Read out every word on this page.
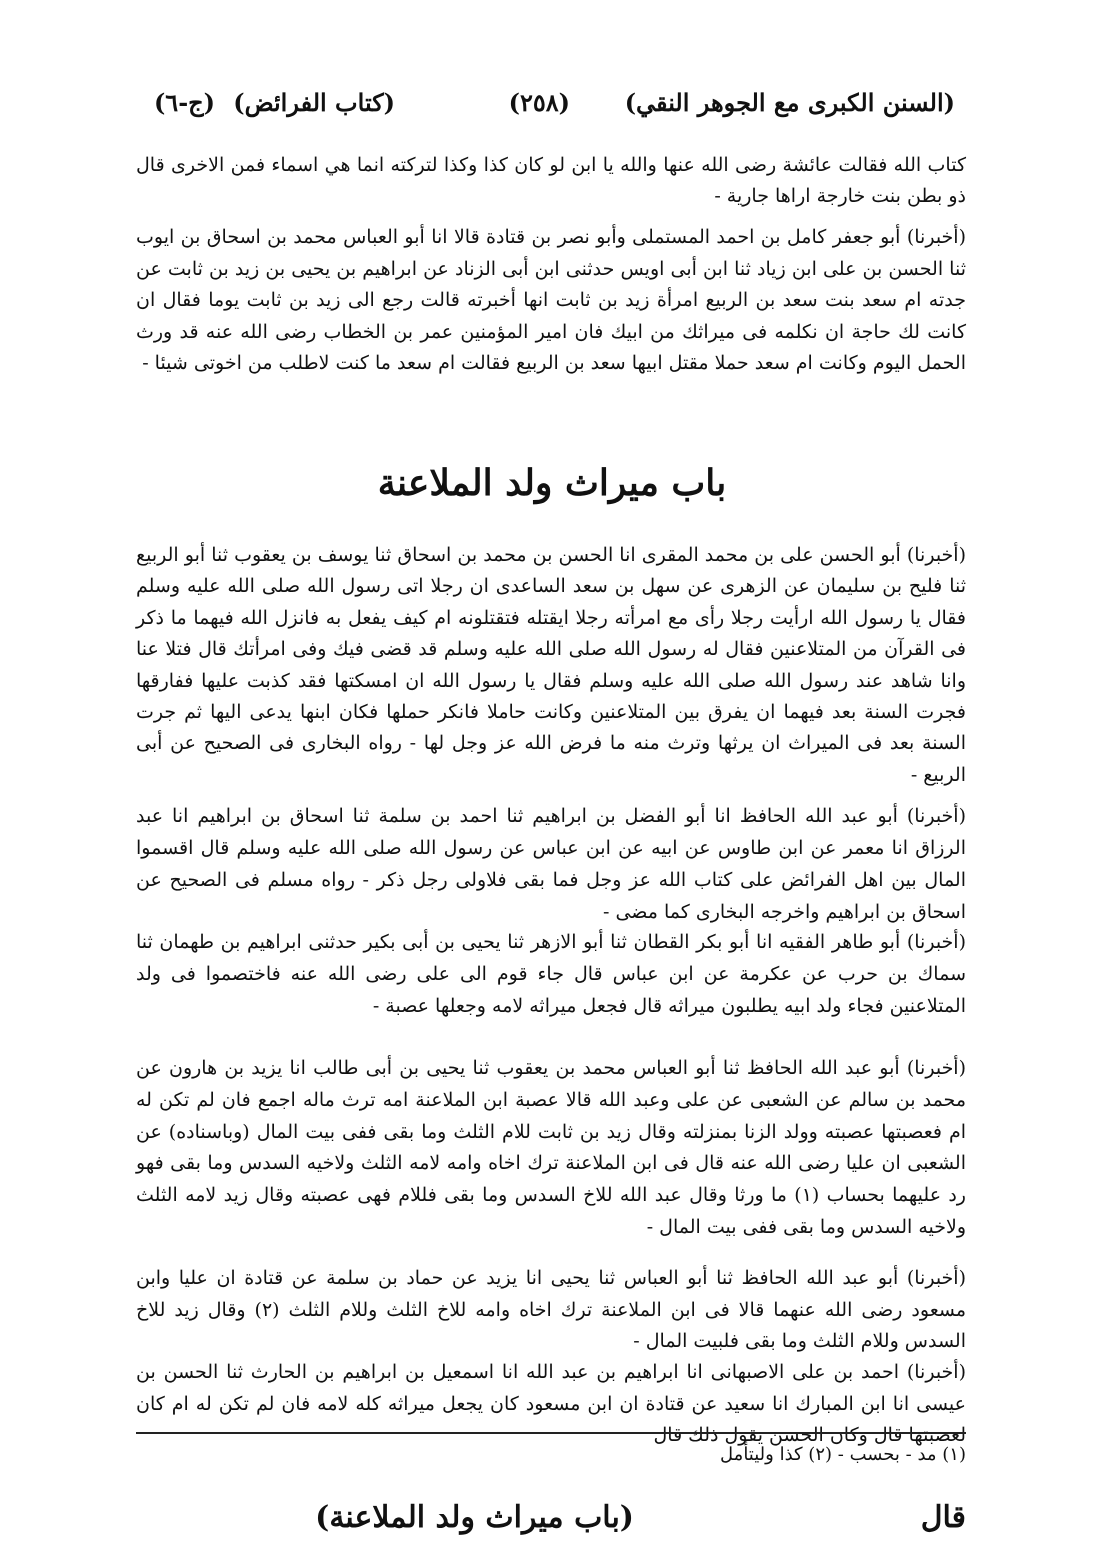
(السنن الكبرى مع الجوهر النقي)
(٢٥٨)
(كتاب الفرائض)
(ج-٦)

كتاب الله فقالت عائشة رضى الله عنها والله يا ابن لو كان كذا وكذا لتركته انما هي اسماء فمن الاخرى قال ذو بطن بنت خارجة اراها جارية -

(أخبرنا) أبو جعفر كامل بن احمد المستملى وأبو نصر بن قتادة قالا انا أبو العباس محمد بن اسحاق بن ايوب ثنا الحسن بن على ابن زياد ثنا ابن أبى اويس حدثنى ابن أبى الزناد عن ابراهيم بن يحيى بن زيد بن ثابت عن جدته ام سعد بنت سعد بن الربيع امرأة زيد بن ثابت انها أخبرته قالت رجع الى زيد بن ثابت يوما فقال ان كانت لك حاجة ان نكلمه فى ميراثك من ابيك فان امير المؤمنين عمر بن الخطاب رضى الله عنه قد ورث الحمل اليوم وكانت ام سعد حملا مقتل ابيها سعد بن الربيع فقالت ام سعد ما كنت لاطلب من اخوتى شيئا -

باب ميراث ولد الملاعنة

(أخبرنا) أبو الحسن على بن محمد المقرى انا الحسن بن محمد بن اسحاق ثنا يوسف بن يعقوب ثنا أبو الربيع ثنا فليح بن سليمان عن الزهرى عن سهل بن سعد الساعدى ان رجلا اتى رسول الله صلى الله عليه وسلم فقال يا رسول الله ارأيت رجلا رأى مع امرأته رجلا ايقتله فتقتلونه ام كيف يفعل به فانزل الله فيهما ما ذكر فى القرآن من المتلاعنين فقال له رسول الله صلى الله عليه وسلم قد قضى فيك وفى امرأتك قال فتلا عنا وانا شاهد عند رسول الله صلى الله عليه وسلم فقال يا رسول الله ان امسكتها فقد كذبت عليها ففارقها فجرت السنة بعد فيهما ان يفرق بين المتلاعنين وكانت حاملا فانكر حملها فكان ابنها يدعى اليها ثم جرت السنة بعد فى الميراث ان يرثها وترث منه ما فرض الله عز وجل لها - رواه البخارى فى الصحيح عن أبى الربيع -

(أخبرنا) أبو عبد الله الحافظ انا أبو الفضل بن ابراهيم ثنا احمد بن سلمة ثنا اسحاق بن ابراهيم انا عبد الرزاق انا معمر عن ابن طاوس عن ابيه عن ابن عباس عن رسول الله صلى الله عليه وسلم قال اقسموا المال بين اهل الفرائض على كتاب الله عز وجل فما بقى فلاولى رجل ذكر - رواه مسلم فى الصحيح عن اسحاق بن ابراهيم واخرجه البخارى كما مضى -

(أخبرنا) أبو طاهر الفقيه انا أبو بكر القطان ثنا أبو الازهر ثنا يحيى بن أبى بكير حدثنى ابراهيم بن طهمان ثنا سماك بن حرب عن عكرمة عن ابن عباس قال جاء قوم الى على رضى الله عنه فاختصموا فى ولد المتلاعنين فجاء ولد ابيه يطلبون ميراثه قال فجعل ميراثه لامه وجعلها عصبة -

(أخبرنا) أبو عبد الله الحافظ ثنا أبو العباس محمد بن يعقوب ثنا يحيى بن أبى طالب انا يزيد بن هارون عن محمد بن سالم عن الشعبى عن على وعبد الله قالا عصبة ابن الملاعنة امه ترث ماله اجمع فان لم تكن له ام فعصبتها عصبته وولد الزنا بمنزلته وقال زيد بن ثابت للام الثلث وما بقى ففى بيت المال (وباسناده) عن الشعبى ان عليا رضى الله عنه قال فى ابن الملاعنة ترك اخاه وامه لامه الثلث ولاخيه السدس وما بقى فهو رد عليهما بحساب (١) ما ورثا وقال عبد الله للاخ السدس وما بقى فللام فهى عصبته وقال زيد لامه الثلث ولاخيه السدس وما بقى ففى بيت المال -

(أخبرنا) أبو عبد الله الحافظ ثنا أبو العباس ثنا يحيى انا يزيد عن حماد بن سلمة عن قتادة ان عليا وابن مسعود رضى الله عنهما قالا فى ابن الملاعنة ترك اخاه وامه للاخ الثلث وللام الثلث (٢) وقال زيد للاخ السدس وللام الثلث وما بقى فلبيت المال -

(أخبرنا) احمد بن على الاصبهانى انا ابراهيم بن عبد الله انا اسمعيل بن ابراهيم بن الحارث ثنا الحسن بن عيسى انا ابن المبارك انا سعيد عن قتادة ان ابن مسعود كان يجعل ميراثه كله لامه فان لم تكن له ام كان لعصبتها قال وكان الحسن يقول ذلك قال

(١) مد - بحسب - (٢) كذا وليتأمل
(باب ميراث ولد الملاعنة)	قال
